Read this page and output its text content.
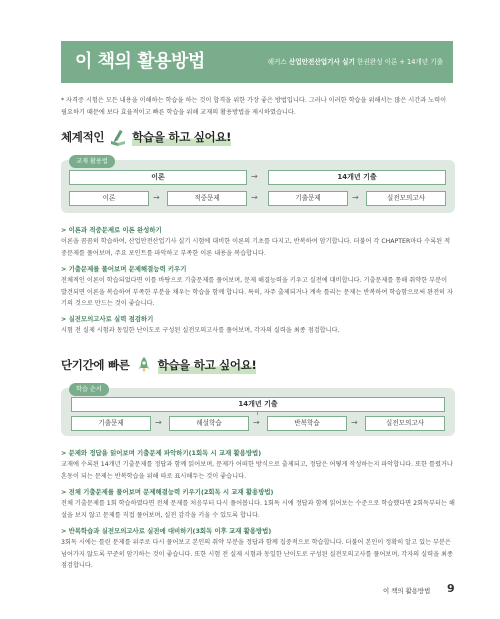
이 책의 활용방법	해커스 산업안전산업기사 실기 한권완성 이론 + 14개년 기출
* 자격증 시험은 모든 내용을 이해하는 학습을 하는 것이 합격을 위한 가장 좋은 방법입니다. 그러나 이러한 학습을 위해서는 많은 시간과 노력이 필요하기 때문에 보다 효율적이고 빠른 학습을 위해 교재의 활용방법을 제시하였습니다.
체계적인 학습을 하고 싶어요!
교재 활용법
이론	→	14개년 기출
이론	→	적중문제	→	기출문제	→	실전모의고사
> 이론과 적중문제로 이론 완성하기
이론을 꼼꼼히 학습하여, 산업안전산업기사 실기 시험에 대비한 이론의 기초를 다지고, 반복하여 암기합니다. 더불어 각 CHAPTER마다 수록된 적중문제를 풀어보며, 주요 포인트를 파악하고 부족한 이론 내용을 복습합니다.
> 기출문제를 풀어보며 문제해결능력 키우기
전체적인 이론이 학습되었다면 이를 바탕으로 기출문제를 풀어보며, 문제 해결능력을 키우고 실전에 대비합니다. 기출문제를 통해 취약한 부분이 발견되면 이론을 복습하여 부족한 부분을 채우는 학습을 함께 합니다. 특히, 자주 출제되거나 계속 틀리는 문제는 반복하여 학습함으로써 완전히 자기의 것으로 만드는 것이 좋습니다.
> 실전모의고사로 실력 점검하기
시험 전 실제 시험과 동일한 난이도로 구성된 실전모의고사를 풀어보며, 각자의 실력을 최종 점검합니다.
단기간에 빠른 학습을 하고 싶어요!
학습 순서
14개년 기출
기출문제	→	해설학습	→	반복학습	→	실전모의고사
> 문제와 정답을 읽어보며 기출문제 파악하기(1회독 시 교재 활용방법)
교재에 수록된 14개년 기출문제를 정답과 함께 읽어보며, 문제가 어떠한 방식으로 출제되고, 정답은 어떻게 작성하는지 파악합니다. 또한 틀렸거나 혼동이 되는 문제는 반복학습을 위해 따로 표시해두는 것이 좋습니다.
> 전체 기출문제를 풀어보며 문제해결능력 키우기(2회독 시 교재 활용방법)
전체 기출문제를 1회 학습하였다면 전체 문제를 처음부터 다시 풀어봅니다. 1회독 시에 정답과 함께 읽어보는 수준으로 학습했다면 2회독부터는 해설을 보지 않고 문제를 직접 풀어보며, 실전 감각을 키울 수 있도록 합니다.
> 반복학습과 실전모의고사로 실전에 대비하기(3회독 이후 교재 활용방법)
3회독 시에는 틀린 문제를 위주로 다시 풀어보고 본인의 취약 부분을 정답과 함께 집중적으로 학습합니다. 더불어 본인이 정확히 알고 있는 부분은 넘어가지 않도록 꾸준히 암기하는 것이 좋습니다. 또한 시험 전 실제 시험과 동일한 난이도로 구성된 실전모의고사를 풀어보며, 각자의 실력을 최종 점검합니다.
이 책의 활용방법 9
